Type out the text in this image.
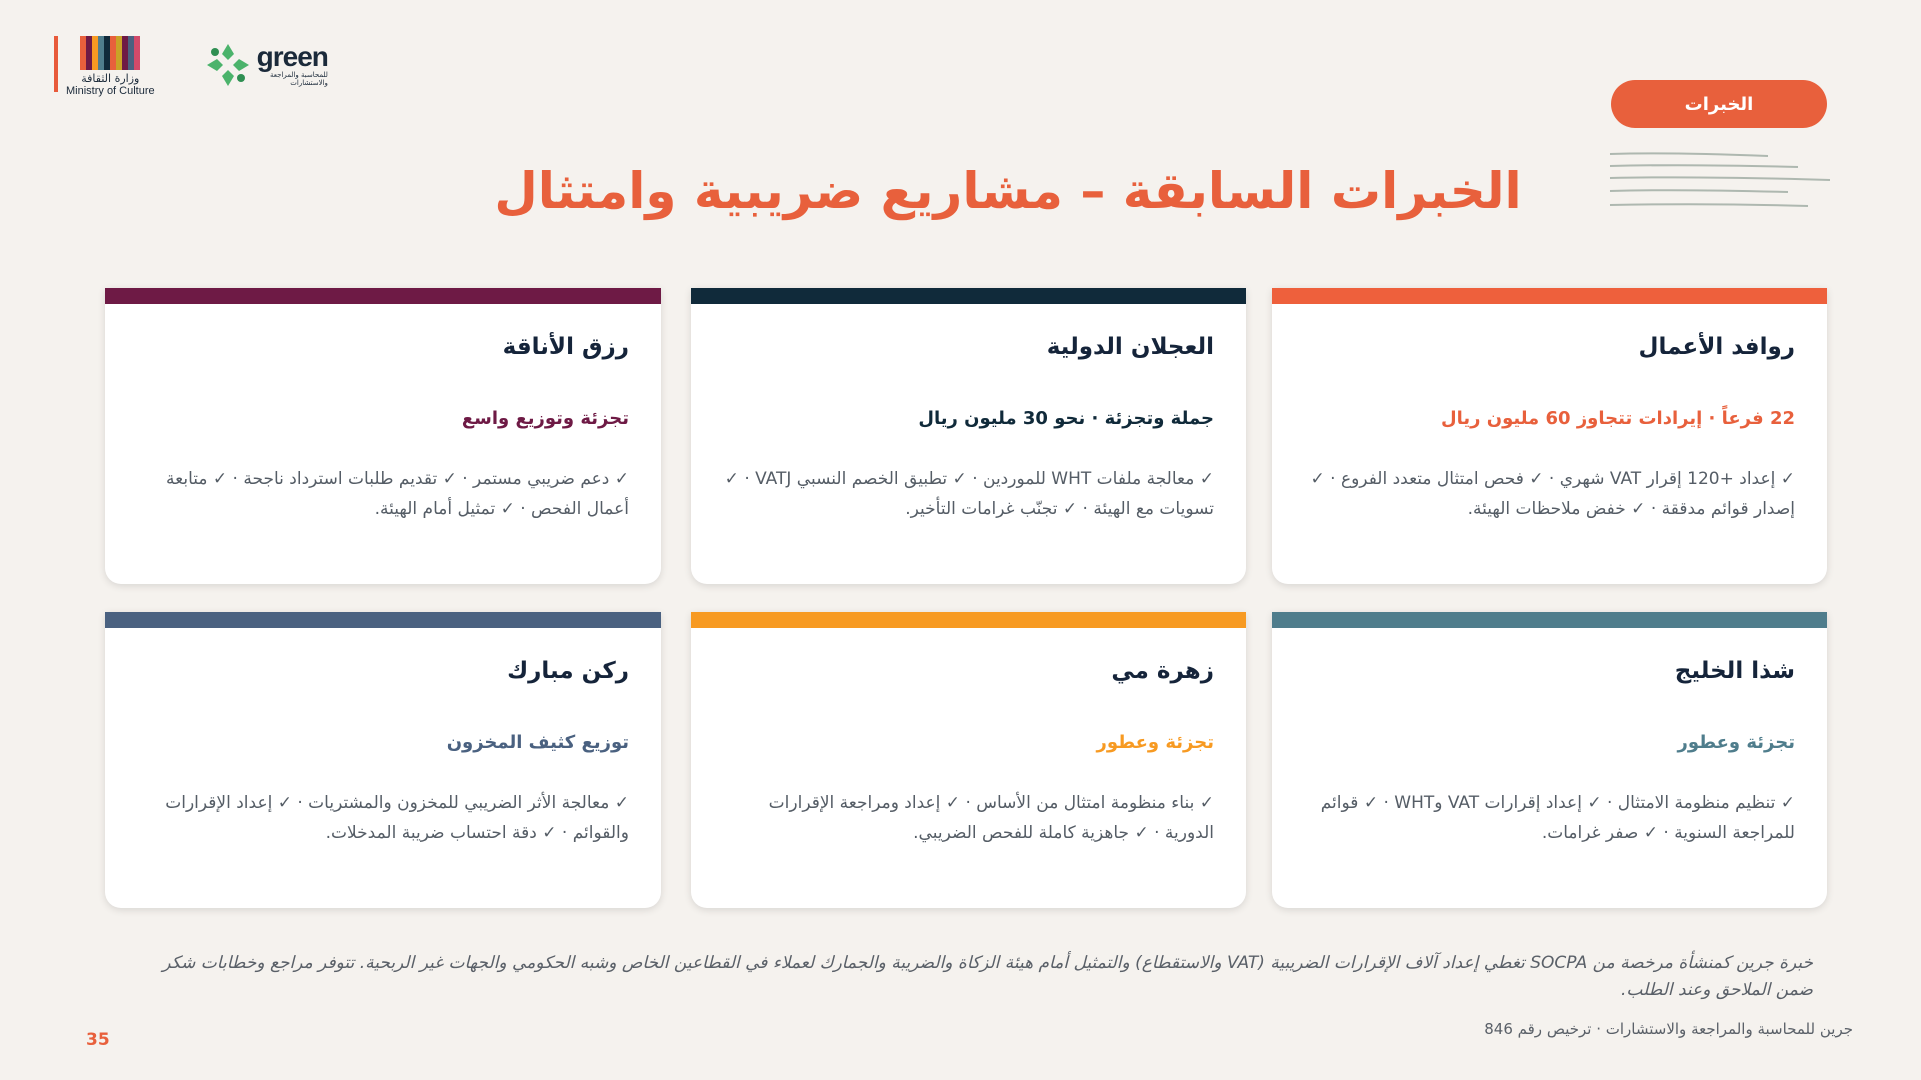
وزارة الثقافة
Ministry of Culture
green
للمحاسبة والمراجعة
والاستشارات
الخبرات
الخبرات السابقة – مشاريع ضريبية وامتثال
روافد الأعمال
22 فرعاً · إيرادات تتجاوز 60 مليون ريال
✓ إعداد +120 إقرار VAT شهري · ✓ فحص امتثال متعدد الفروع · ✓ إصدار قوائم مدققة · ✓ خفض ملاحظات الهيئة.
العجلان الدولية
جملة وتجزئة · نحو 30 مليون ريال
✓ معالجة ملفات WHT للموردين · ✓ تطبيق الخصم النسبي VATJ · ✓ تسويات مع الهيئة · ✓ تجنّب غرامات التأخير.
رزق الأناقة
تجزئة وتوزيع واسع
✓ دعم ضريبي مستمر · ✓ تقديم طلبات استرداد ناجحة · ✓ متابعة أعمال الفحص · ✓ تمثيل أمام الهيئة.
شذا الخليج
تجزئة وعطور
✓ تنظيم منظومة الامتثال · ✓ إعداد إقرارات VAT وWHT · ✓ قوائم للمراجعة السنوية · ✓ صفر غرامات.
زهرة مي
تجزئة وعطور
✓ بناء منظومة امتثال من الأساس · ✓ إعداد ومراجعة الإقرارات الدورية · ✓ جاهزية كاملة للفحص الضريبي.
ركن مبارك
توزيع كثيف المخزون
✓ معالجة الأثر الضريبي للمخزون والمشتريات · ✓ إعداد الإقرارات والقوائم · ✓ دقة احتساب ضريبة المدخلات.
خبرة جرين كمنشأة مرخصة من SOCPA تغطي إعداد آلاف الإقرارات الضريبية (VAT والاستقطاع) والتمثيل أمام هيئة الزكاة والضريبة والجمارك لعملاء في القطاعين الخاص وشبه الحكومي والجهات غير الربحية. تتوفر مراجع وخطابات شكر ضمن الملاحق وعند الطلب.
جرين للمحاسبة والمراجعة والاستشارات · ترخيص رقم 846
35
